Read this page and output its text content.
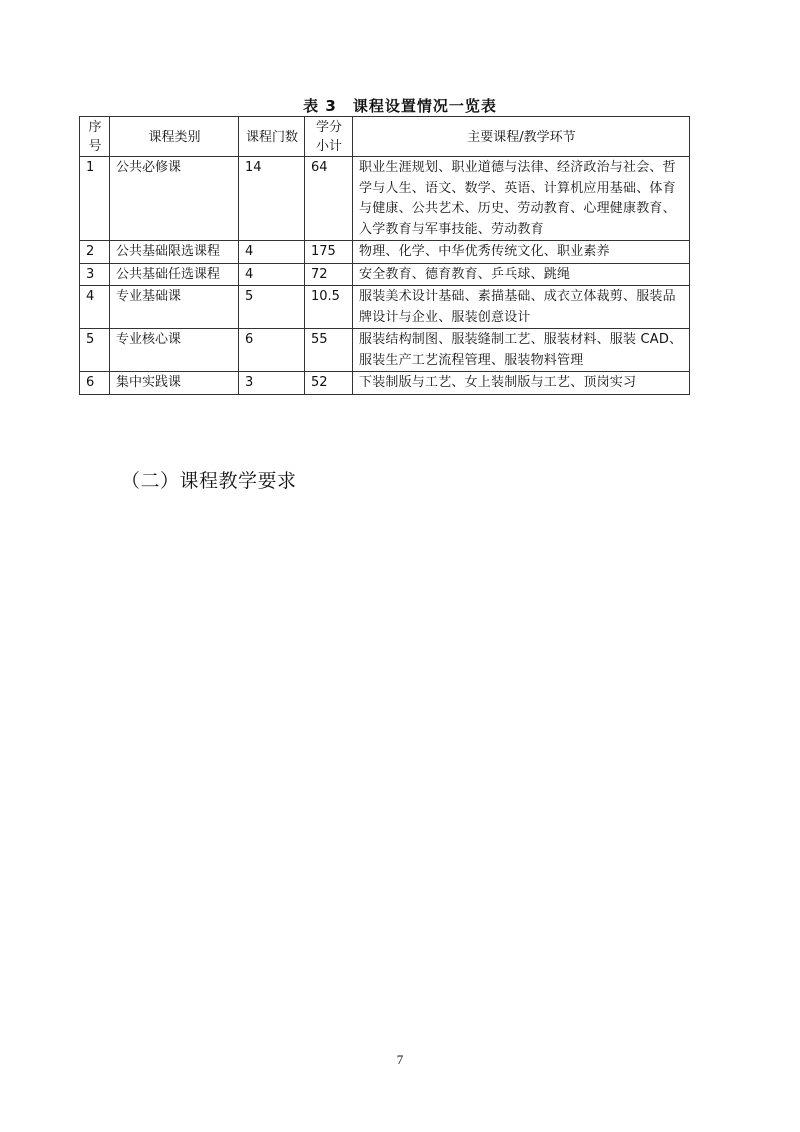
表 3　课程设置情况一览表
序号	课程类别	课程门数	学分小计	主要课程/教学环节
1	公共必修课	14	64	职业生涯规划、职业道德与法律、经济政治与社会、哲学与人生、语文、数学、英语、计算机应用基础、体育与健康、公共艺术、历史、劳动教育、心理健康教育、入学教育与军事技能、劳动教育
2	公共基础限选课程	4	175	物理、化学、中华优秀传统文化、职业素养
3	公共基础任选课程	4	72	安全教育、德育教育、乒乓球、跳绳
4	专业基础课	5	10.5	服装美术设计基础、素描基础、成衣立体裁剪、服装品牌设计与企业、服装创意设计
5	专业核心课	6	55	服装结构制图、服装缝制工艺、服装材料、服装 CAD、服装生产工艺流程管理、服装物料管理
6	集中实践课	3	52	下装制版与工艺、女上装制版与工艺、顶岗实习
（二）课程教学要求
7
